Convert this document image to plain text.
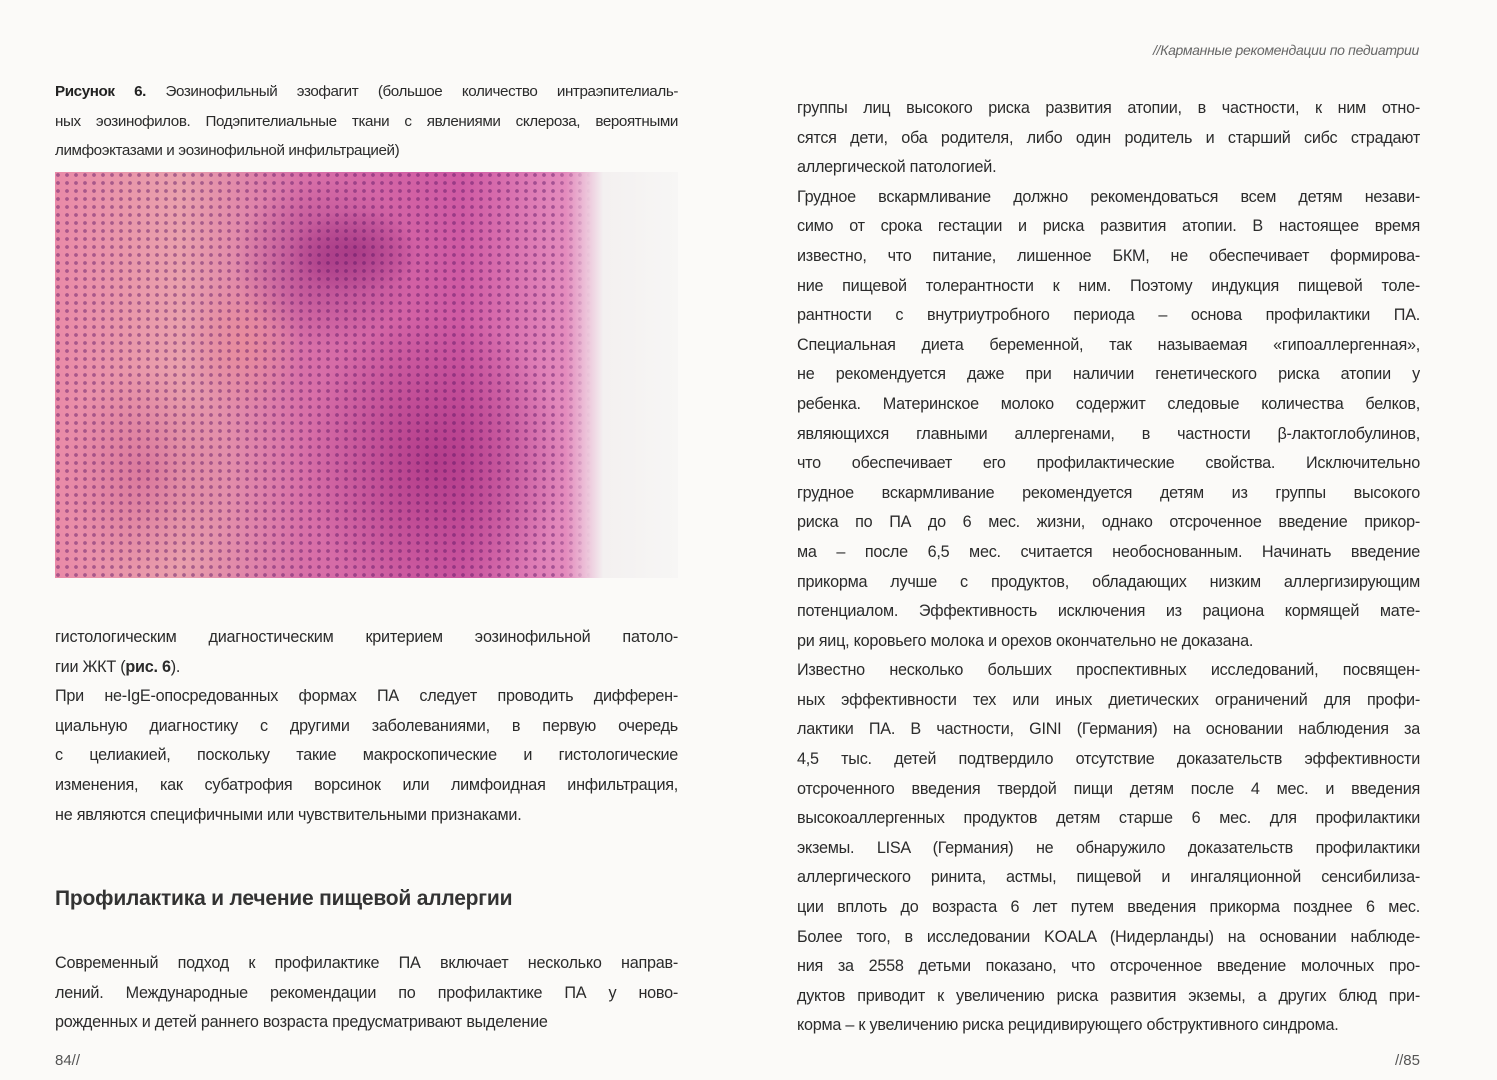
//Карманные рекомендации по педиатрии
Рисунок 6. Эозинофильный эзофагит (большое количество интраэпителиаль-
ных эозинофилов. Подэпителиальные ткани с явлениями склероза, вероятными
лимфоэктазами и эозинофильной инфильтрацией)
гистологическим диагностическим критерием эозинофильной патоло-
гии ЖКТ (рис. 6).
При не-IgE-опосредованных формах ПА следует проводить дифферен-
циальную диагностику с другими заболеваниями, в первую очередь
с целиакией, поскольку такие макроскопические и гистологические
изменения, как субатрофия ворсинок или лимфоидная инфильтрация,
не являются специфичными или чувствительными признаками.
Профилактика и лечение пищевой аллергии
Современный подход к профилактике ПА включает несколько направ-
лений. Международные рекомендации по профилактике ПА у ново-
рожденных и детей раннего возраста предусматривают выделение
группы лиц высокого риска развития атопии, в частности, к ним отно-
сятся дети, оба родителя, либо один родитель и старший сибс страдают
аллергической патологией.
Грудное вскармливание должно рекомендоваться всем детям незави-
симо от срока гестации и риска развития атопии. В настоящее время
известно, что питание, лишенное БКМ, не обеспечивает формирова-
ние пищевой толерантности к ним. Поэтому индукция пищевой толе-
рантности с внутриутробного периода – основа профилактики ПА.
Специальная диета беременной, так называемая «гипоаллергенная»,
не рекомендуется даже при наличии генетического риска атопии у
ребенка. Материнское молоко содержит следовые количества белков,
являющихся главными аллергенами, в частности β-лактоглобулинов,
что обеспечивает его профилактические свойства. Исключительно
грудное вскармливание рекомендуется детям из группы высокого
риска по ПА до 6 мес. жизни, однако отсроченное введение прикор-
ма – после 6,5 мес. считается необоснованным. Начинать введение
прикорма лучше с продуктов, обладающих низким аллергизирующим
потенциалом. Эффективность исключения из рациона кормящей мате-
ри яиц, коровьего молока и орехов окончательно не доказана.
Известно несколько больших проспективных исследований, посвящен-
ных эффективности тех или иных диетических ограничений для профи-
лактики ПА. В частности, GINI (Германия) на основании наблюдения за
4,5 тыс. детей подтвердило отсутствие доказательств эффективности
отсроченного введения твердой пищи детям после 4 мес. и введения
высокоаллергенных продуктов детям старше 6 мес. для профилактики
экземы. LISA (Германия) не обнаружило доказательств профилактики
аллергического ринита, астмы, пищевой и ингаляционной сенсибилиза-
ции вплоть до возраста 6 лет путем введения прикорма позднее 6 мес.
Более того, в исследовании KOALA (Нидерланды) на основании наблюде-
ния за 2558 детьми показано, что отсроченное введение молочных про-
дуктов приводит к увеличению риска развития экземы, а других блюд при-
корма – к увеличению риска рецидивирующего обструктивного синдрома.
84//	//85
